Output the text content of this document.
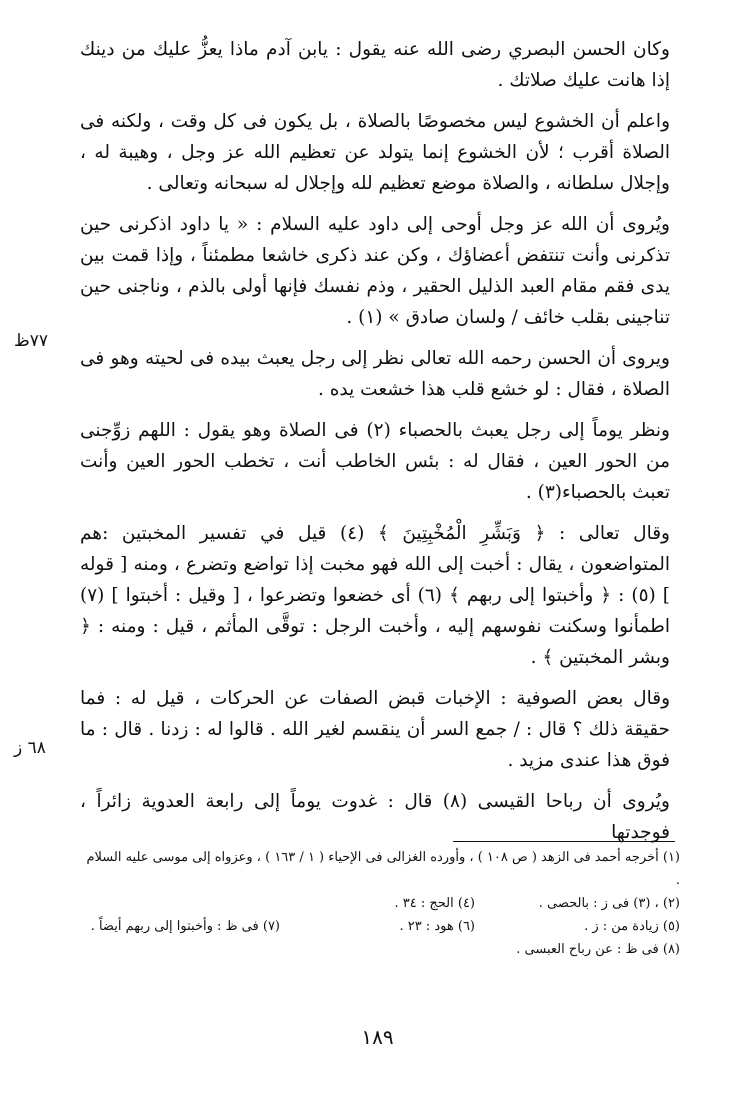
وكان الحسن البصري رضى الله عنه يقول : يابن آدم ماذا يعزُّ عليك من دينك إذا هانت عليك صلاتك .

واعلم أن الخشوع ليس مخصوصًا بالصلاة ، بل يكون فى كل وقت ، ولكنه فى الصلاة أقرب ؛ لأن الخشوع إنما يتولد عن تعظيم الله عز وجل ، وهيبة له ، وإجلال سلطانه ، والصلاة موضع تعظيم لله وإجلال له سبحانه وتعالى .

ويُروى أن الله عز وجل أوحى إلى داود عليه السلام : « يا داود اذكرنى حين تذكرنى وأنت تنتفض أعضاؤك ، وكن عند ذكرى خاشعا مطمئناً ، وإذا قمت بين يدى فقم مقام العبد الذليل الحقير ، وذم نفسك فإنها أولى بالذم ، وناجنى حين تناجينى بقلب خائف / ولسان صادق » (١) .

ويروى أن الحسن رحمه الله تعالى نظر إلى رجل يعبث بيده فى لحيته وهو فى الصلاة ، فقال : لو خشع قلب هذا خشعت يده .

ونظر يوماً إلى رجل يعبث بالحصباء (٢) فى الصلاة وهو يقول : اللهم زوِّجنى من الحور العين ، فقال له : بئس الخاطب أنت ، تخطب الحور العين وأنت تعبث بالحصباء(٣) .

وقال تعالى : ﴿ وَبَشِّرِ الْمُخْبِتِينَ ﴾ (٤) قيل في تفسير المخبتين :هم المتواضعون ، يقال : أخبت إلى الله فهو مخبت إذا تواضع وتضرع ، ومنه [ قوله ] (٥) : ﴿ وأخبتوا إلى ربهم ﴾ (٦) أى خضعوا وتضرعوا ، [ وقيل : أخبتوا ] (٧) اطمأنوا وسكنت نفوسهم إليه ، وأخبت الرجل : توقَّى المأثم ، قيل : ومنه : ﴿ وبشر المخبتين ﴾ .

وقال بعض الصوفية : الإخبات قبض الصفات عن الحركات ، قيل له : فما حقيقة ذلك ؟ قال : / جمع السر أن ينقسم لغير الله . قالوا له : زدنا . قال : ما فوق هذا عندى مزيد .

ويُروى أن رباحا القيسى (٨) قال : غدوت يوماً إلى رابعة العدوية زائراً ، فوجدتها

٧٧ظ
٦٨ ز

(١) أخرجه أحمد فى الزهد ( ص ١٠٨ ) ، وأورده الغزالى فى الإحياء ( ١ / ١٦٣ ) ، وعزواه إلى موسى عليه السلام .

(٢) ، (٣) فى ز : بالحصى .
(٤) الحج : ٣٤ .
(٥) زيادة من : ز .
(٦) هود : ٢٣ .
(٧) فى ظ : وأخبتوا إلى ربهم أيضاً .

(٨) فى ظ : عن رباح العبسى .

١٨٩
